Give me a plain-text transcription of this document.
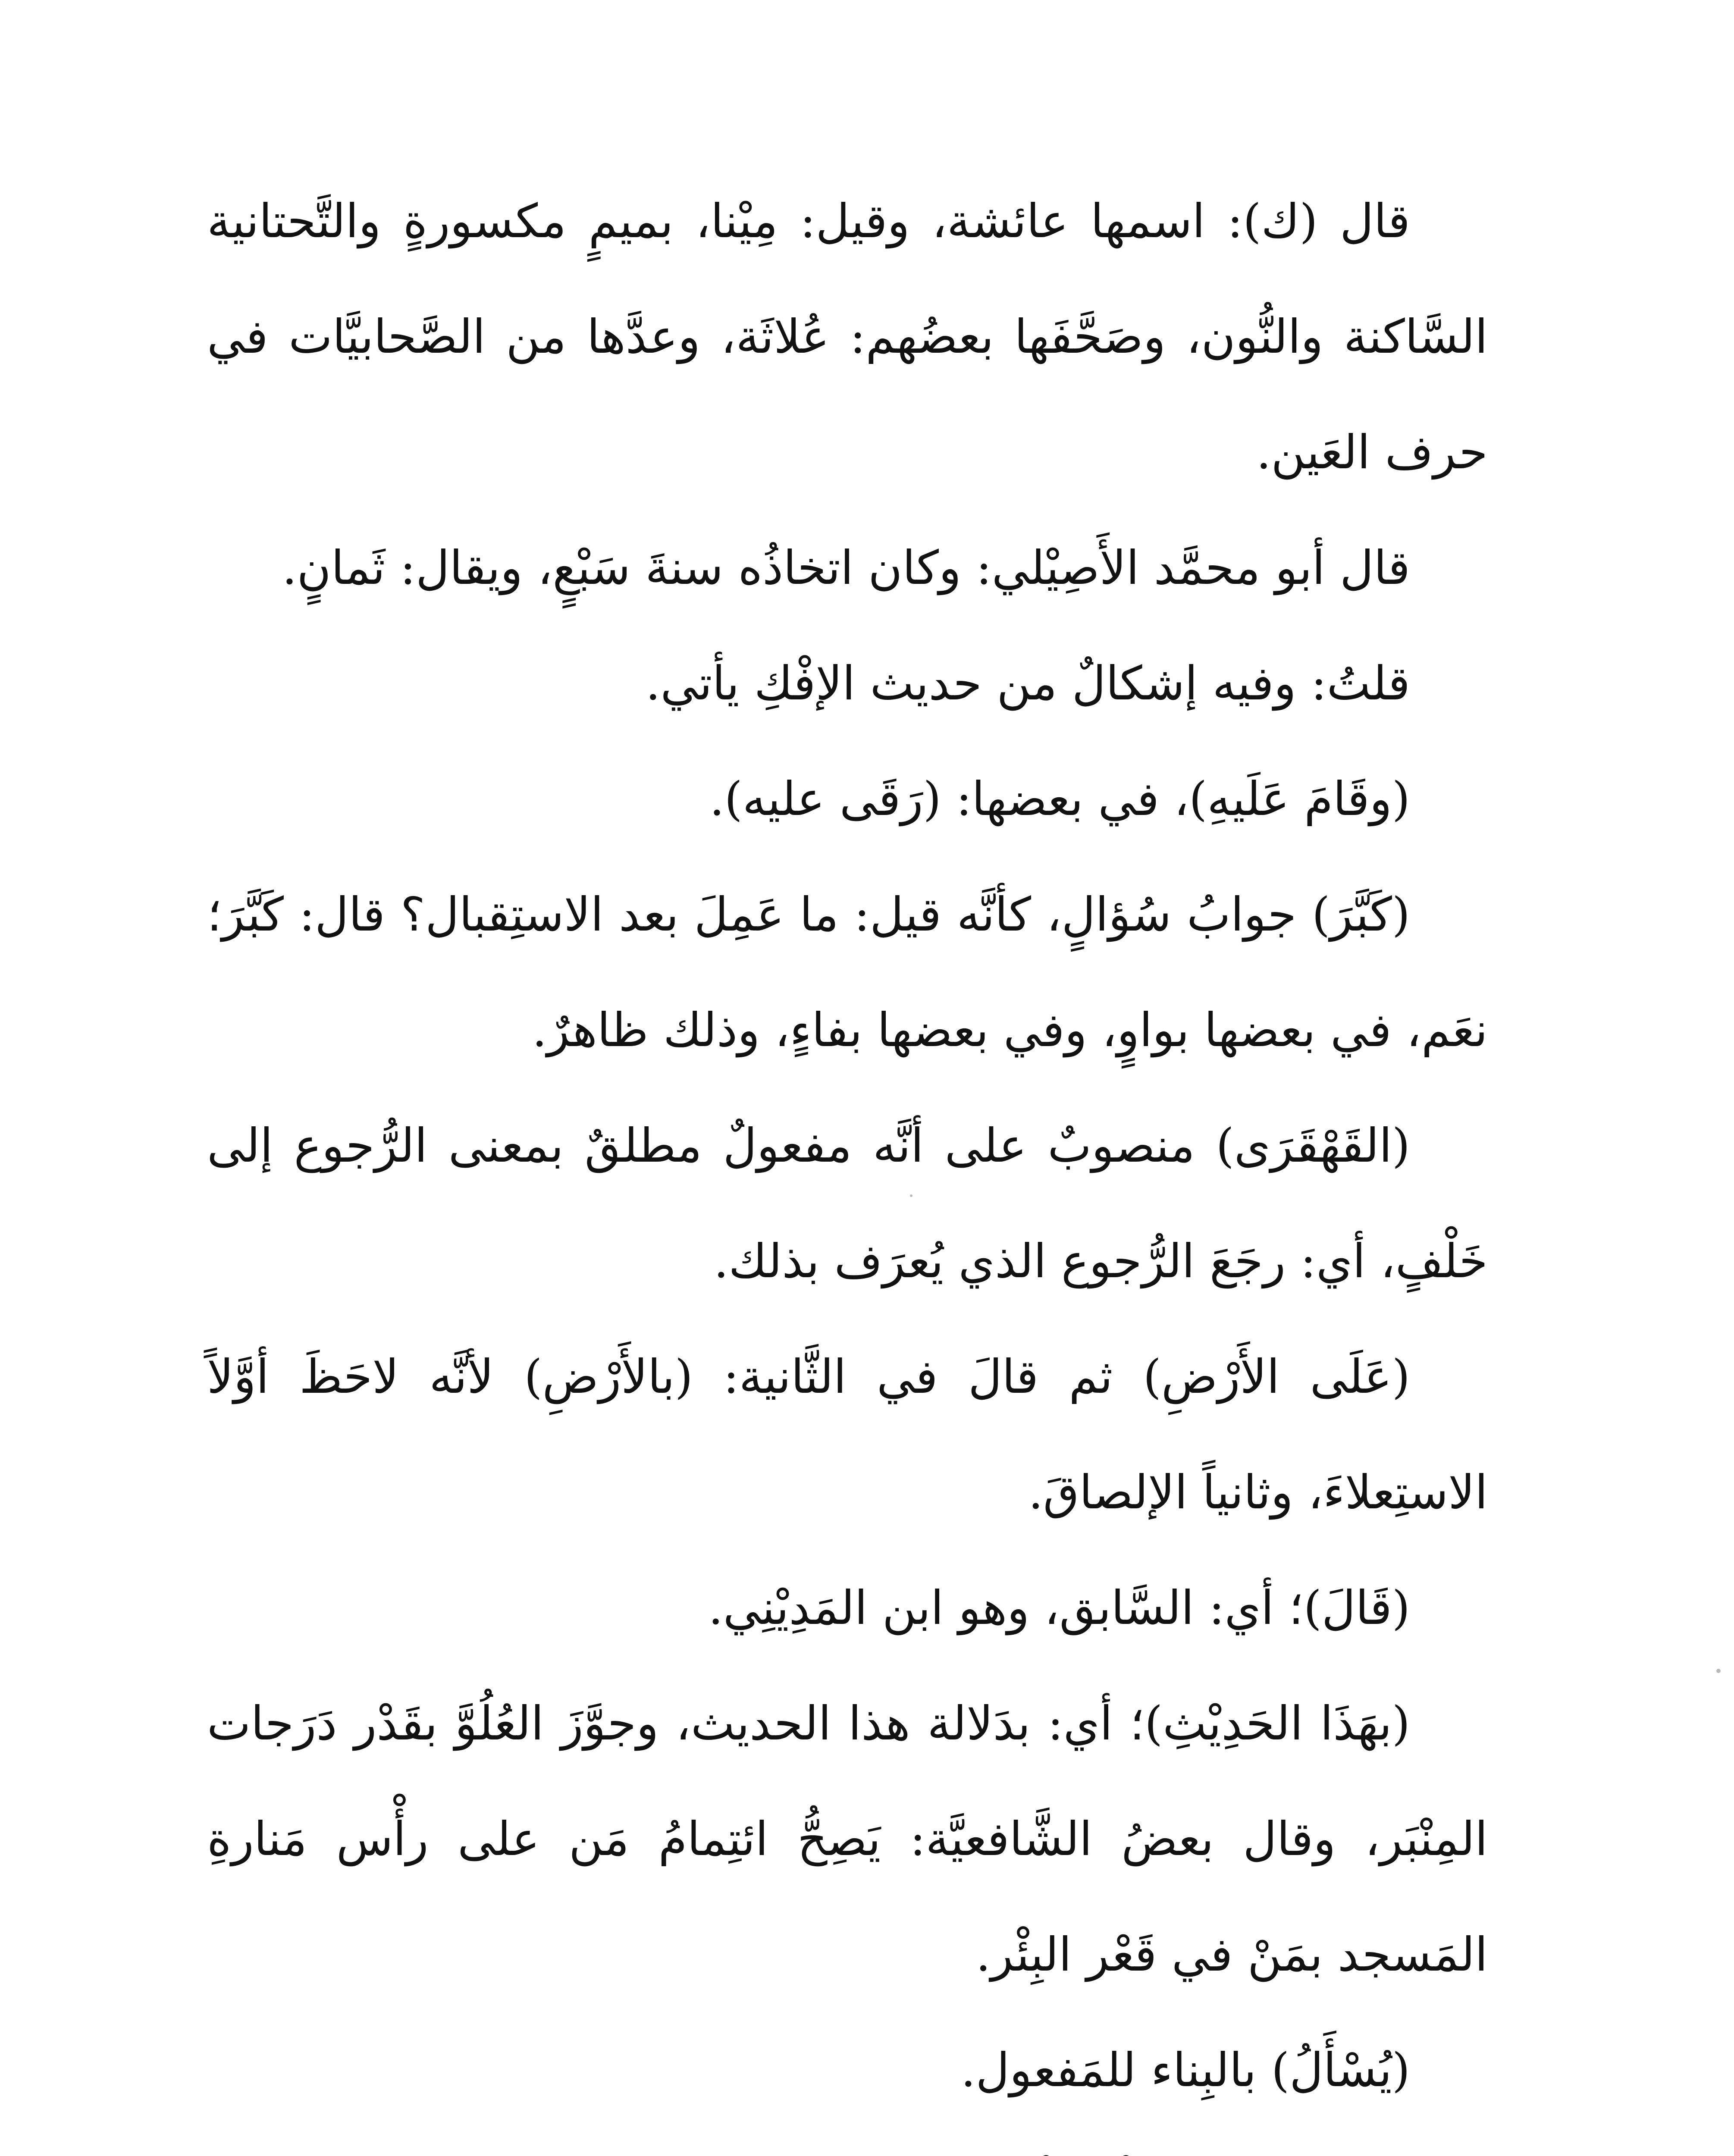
قال (ك): اسمها عائشة، وقيل: مِيْنا، بميمٍ مكسورةٍ والتَّحتانية السَّاكنة والنُّون، وصَحَّفَها بعضُهم: عُلاثَة، وعدَّها من الصَّحابيَّات في حرف العَين.

قال أبو محمَّد الأَصِيْلي: وكان اتخاذُه سنةَ سَبْعٍ، ويقال: ثَمانٍ.

قلتُ: وفيه إشكالٌ من حديث الإفْكِ يأتي.

(وقَامَ عَلَيهِ)، في بعضها: (رَقَى عليه).

(كَبَّرَ) جوابُ سُؤالٍ، كأنَّه قيل: ما عَمِلَ بعد الاستِقبال؟ قال: كَبَّرَ؛ نعَم، في بعضها بواوٍ، وفي بعضها بفاءٍ، وذلك ظاهرٌ.

(القَهْقَرَى) منصوبٌ على أنَّه مفعولٌ مطلقٌ بمعنى الرُّجوع إلى خَلْفٍ، أي: رجَعَ الرُّجوع الذي يُعرَف بذلك.

(عَلَى الأَرْضِ) ثم قالَ في الثَّانية: (بالأَرْضِ) لأنَّه لاحَظَ أوَّلاً الاستِعلاءَ، وثانياً الإلصاقَ.

(قَالَ)؛ أي: السَّابق، وهو ابن المَدِيْنِي.

(بهَذَا الحَدِيْثِ)؛ أي: بدَلالة هذا الحديث، وجوَّزَ العُلُوَّ بقَدْر دَرَجات المِنْبَر، وقال بعضُ الشَّافعيَّة: يَصِحُّ ائتِمامُ مَن على رأْس مَنارةِ المَسجد بمَنْ في قَعْر البِئْر.

(يُسْأَلُ) بالبِناء للمَفعول.
